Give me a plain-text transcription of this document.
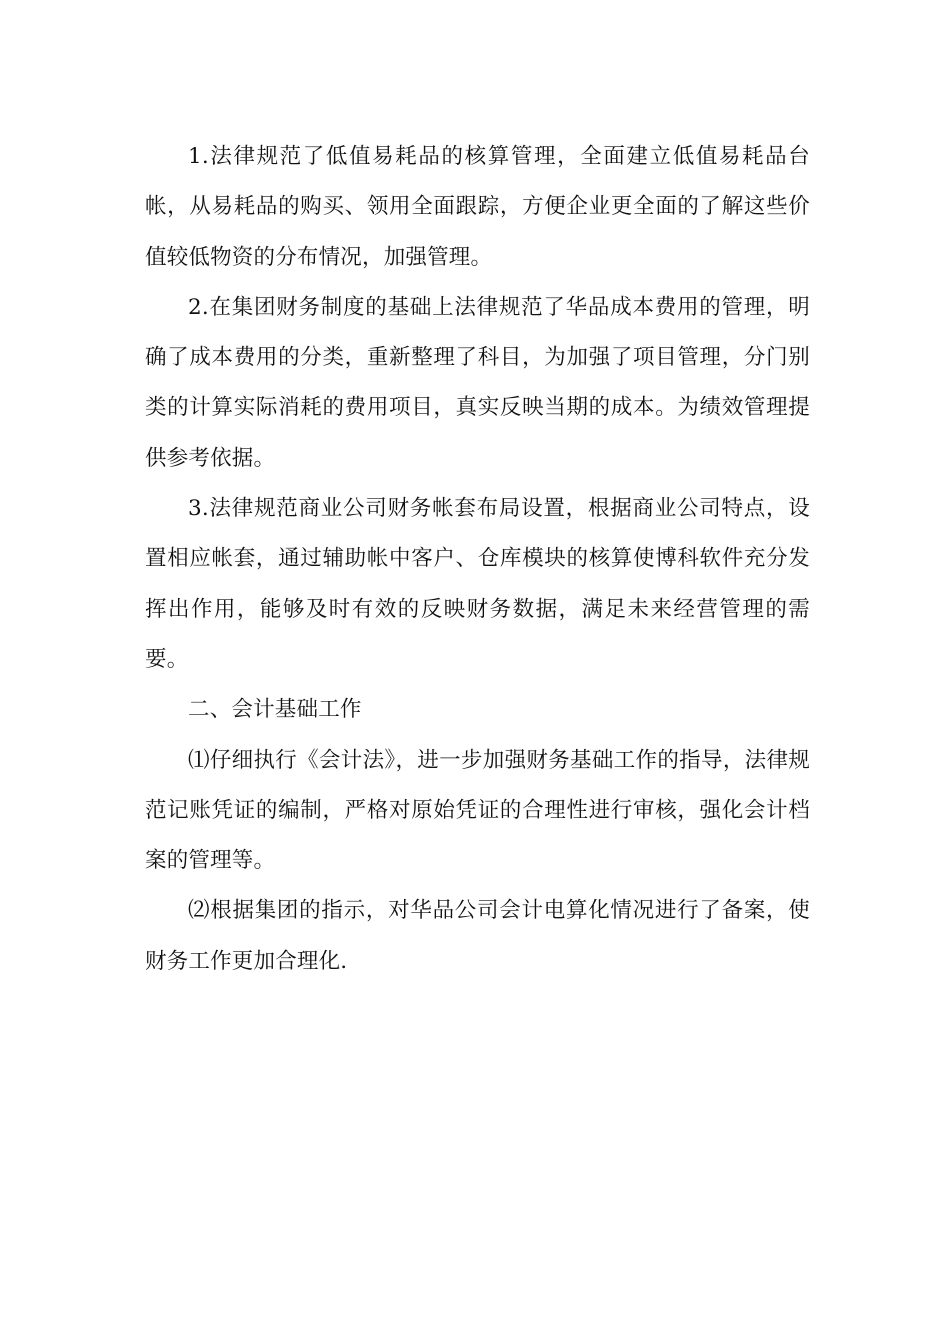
1.法律规范了低值易耗品的核算管理，全面建立低值易耗品台帐，从易耗品的购买、领用全面跟踪，方便企业更全面的了解这些价值较低物资的分布情况，加强管理。

2.在集团财务制度的基础上法律规范了华品成本费用的管理，明确了成本费用的分类，重新整理了科目，为加强了项目管理，分门别类的计算实际消耗的费用项目，真实反映当期的成本。为绩效管理提供参考依据。

3.法律规范商业公司财务帐套布局设置，根据商业公司特点，设置相应帐套，通过辅助帐中客户、仓库模块的核算使博科软件充分发挥出作用，能够及时有效的反映财务数据，满足未来经营管理的需要。

二、会计基础工作

⑴仔细执行《会计法》，进一步加强财务基础工作的指导，法律规范记账凭证的编制，严格对原始凭证的合理性进行审核，强化会计档案的管理等。

⑵根据集团的指示，对华品公司会计电算化情况进行了备案，使财务工作更加合理化.
